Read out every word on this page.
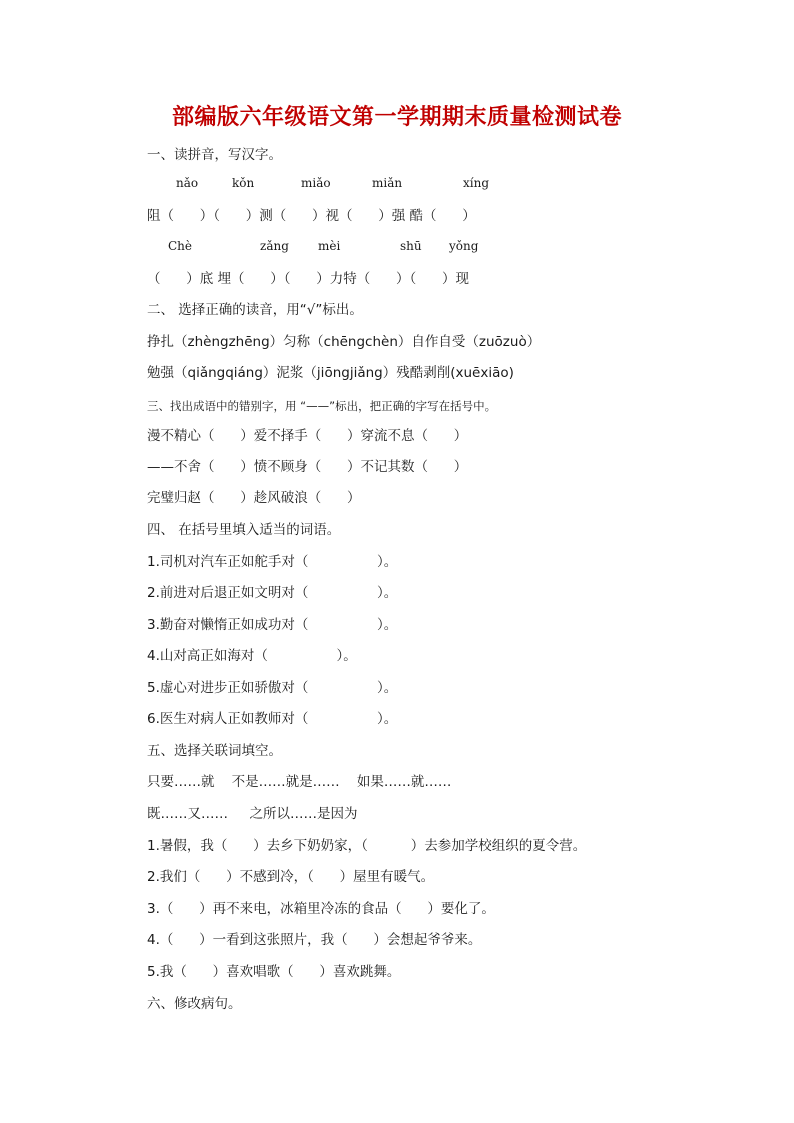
部编版六年级语文第一学期期末质量检测试卷
一、读拼音，写汉字。
nǎo	kǒn	miǎo	miǎn	xíng
阻（      ）（      ）测（      ）视（      ）强 酷（      ）
Chè	zǎng mèi	shū yǒng
（      ）底 埋（      ）（      ）力特（      ）（      ）现
二、 选择正确的读音，用“√”标出。
挣扎（zhèngzhēng）匀称（chēngchèn）自作自受（zuōzuò）
勉强（qiǎngqiáng）泥浆（jiōngjiǎng）残酷剥削(xuēxiāo)
三、找出成语中的错别字，用 “——”标出，把正确的字写在括号中。
漫不精心（      ）爱不择手（      ）穿流不息（      ）
——不舍（      ）愤不顾身（      ）不记其数（      ）
完璧归赵（      ）趁风破浪（      ）
四、 在括号里填入适当的词语。
1.司机对汽车正如舵手对（                ）。
2.前进对后退正如文明对（                ）。
3.勤奋对懒惰正如成功对（                ）。
4.山对高正如海对（                ）。
5.虚心对进步正如骄傲对（                ）。
6.医生对病人正如教师对（                ）。
五、选择关联词填空。
只要……就    不是……就是……    如果……就……
既……又……     之所以……是因为
1.暑假，我（      ）去乡下奶奶家，（          ）去参加学校组织的夏令营。
2.我们（      ）不感到冷，（      ）屋里有暖气。
3.（      ）再不来电，冰箱里冷冻的食品（      ）要化了。
4.（      ）一看到这张照片，我（      ）会想起爷爷来。
5.我（      ）喜欢唱歌（      ）喜欢跳舞。
六、修改病句。
